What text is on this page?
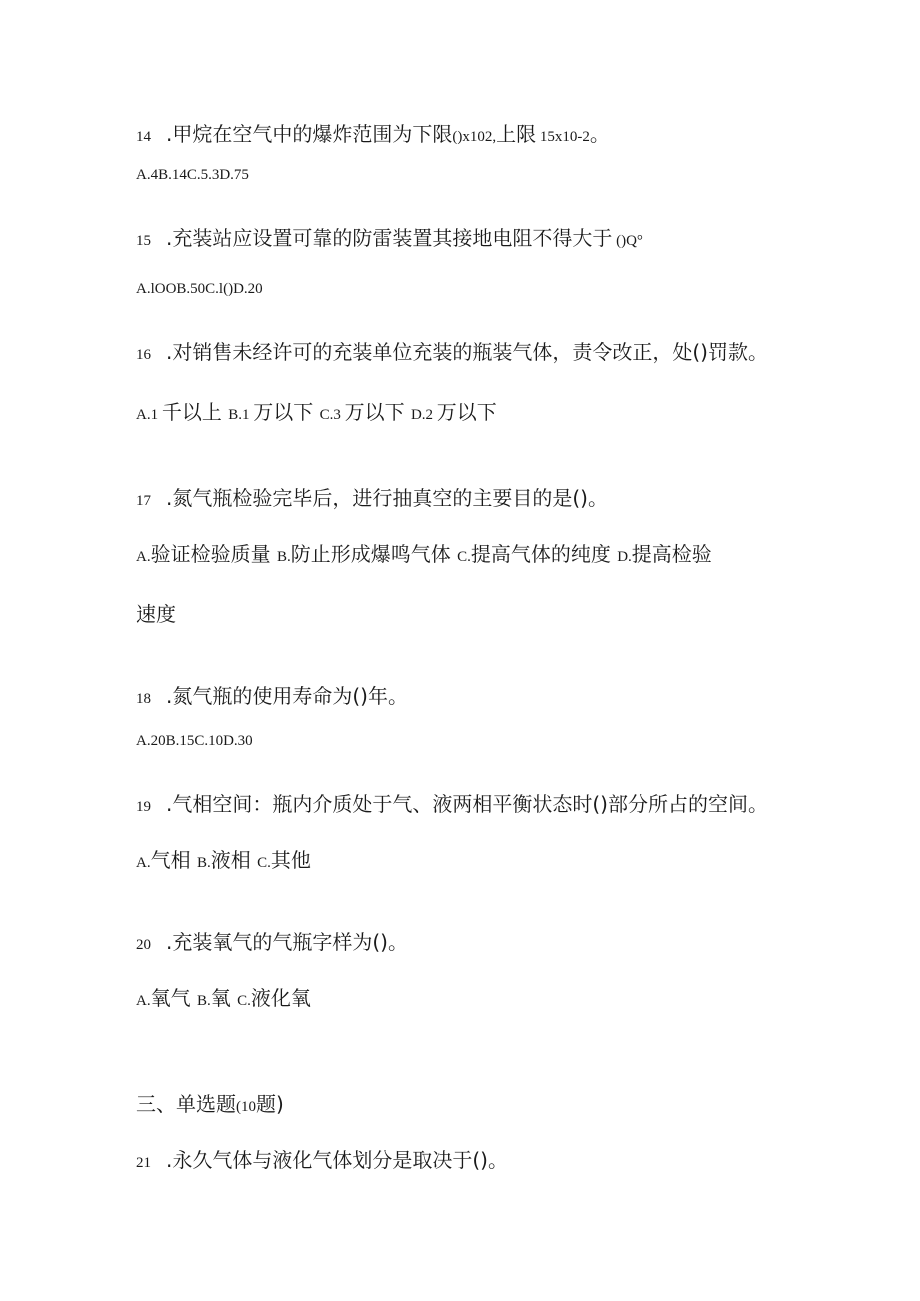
14 .甲烷在空气中的爆炸范围为下限()x102,上限 15x10-2。
A.4B.14C.5.3D.75
15 .充装站应设置可靠的防雷装置其接地电阻不得大于 ()Q°
A.lOOB.50C.l()D.20
16 .对销售未经许可的充装单位充装的瓶装气体，责令改正，处()罚款。
A.1 千以上 B.1 万以下 C.3 万以下 D.2 万以下
17 .氮气瓶检验完毕后，进行抽真空的主要目的是()。
A.验证检验质量 B.防止形成爆鸣气体 C.提高气体的纯度 D.提高检验
速度
18 .氮气瓶的使用寿命为()年。
A.20B.15C.10D.30
19 .气相空间：瓶内介质处于气、液两相平衡状态时()部分所占的空间。
A.气相 B.液相 C.其他
20 .充装氧气的气瓶字样为()。
A.氧气 B.氧 C.液化氧
三、单选题(10题)
21 .永久气体与液化气体划分是取决于()。
